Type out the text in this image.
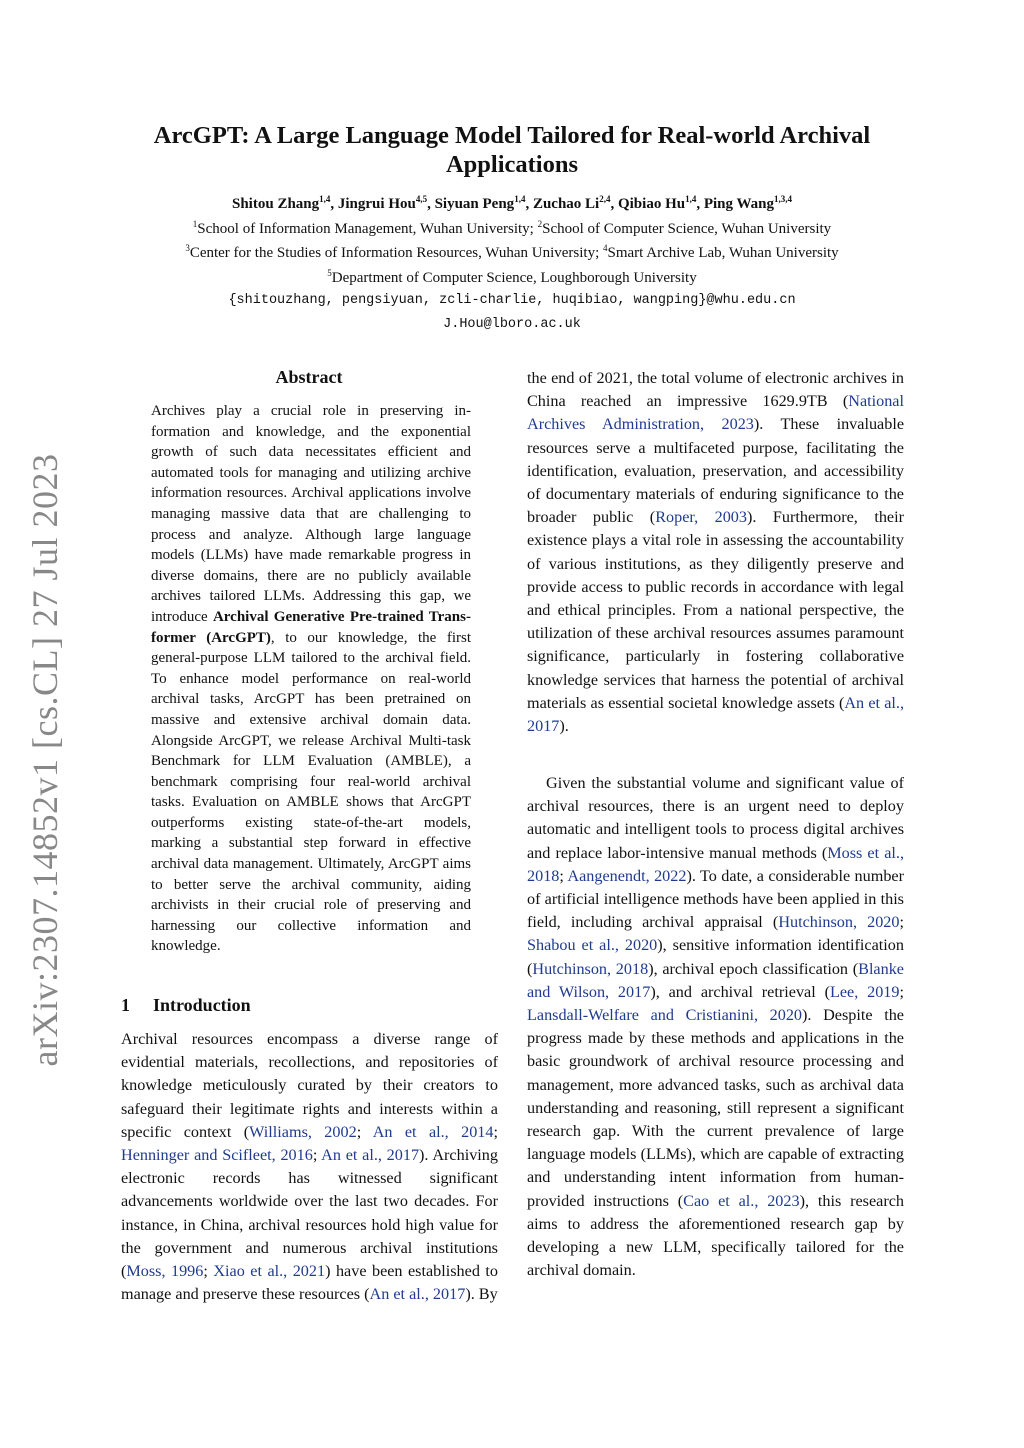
arXiv:2307.14852v1 [cs.CL] 27 Jul 2023
ArcGPT: A Large Language Model Tailored for Real-world Archival
Applications
Shitou Zhang$^{1,4}$, Jingrui Hou$^{4,5}$, Siyuan Peng$^{1,4}$, Zuchao Li$^{2,4}$, Qibiao Hu$^{1,4}$, Ping Wang$^{1,3,4}$
$^1$School of Information Management, Wuhan University; $^2$School of Computer Science, Wuhan University
$^3$Center for the Studies of Information Resources, Wuhan University; $^4$Smart Archive Lab, Wuhan University
$^5$Department of Computer Science, Loughborough University
{shitouzhang, pengsiyuan, zcli-charlie, huqibiao, wangping}@whu.edu.cn
J.Hou@lboro.ac.uk
Abstract

Archives play a crucial role in preserving information and knowledge, and the exponential growth of such data necessitates efficient and automated tools for managing and utilizing archive information resources. Archival applications involve managing massive data that are challenging to process and analyze. Although large language models (LLMs) have made remarkable progress in diverse domains, there are no publicly available archives tailored LLMs. Addressing this gap, we introduce Archival Generative Pre-trained Transformer (ArcGPT), to our knowledge, the first general-purpose LLM tailored to the archival field. To enhance model performance on real-world archival tasks, ArcGPT has been pretrained on massive and extensive archival domain data. Alongside ArcGPT, we release Archival Multi-task Benchmark for LLM Evaluation (AMBLE), a benchmark comprising four real-world archival tasks. Evaluation on AMBLE shows that ArcGPT outperforms existing state-of-the-art models, marking a substantial step forward in effective archival data management. Ultimately, ArcGPT aims to better serve the archival community, aiding archivists in their crucial role of preserving and harnessing our collective information and knowledge.

1 Introduction

Archival resources encompass a diverse range of evidential materials, recollections, and repositories of knowledge meticulously curated by their creators to safeguard their legitimate rights and interests within a specific context (Williams, 2002; An et al., 2014; Henninger and Scifleet, 2016; An et al., 2017). Archiving electronic records has witnessed significant advancements worldwide over the last two decades. For instance, in China, archival resources hold high value for the government and numerous archival institutions (Moss, 1996; Xiao et al., 2021) have been established to manage and preserve these resources (An et al., 2017). By

the end of 2021, the total volume of electronic archives in China reached an impressive 1629.9TB (National Archives Administration, 2023). These invaluable resources serve a multifaceted purpose, facilitating the identification, evaluation, preservation, and accessibility of documentary materials of enduring significance to the broader public (Roper, 2003). Furthermore, their existence plays a vital role in assessing the accountability of various institutions, as they diligently preserve and provide access to public records in accordance with legal and ethical principles. From a national perspective, the utilization of these archival resources assumes paramount significance, particularly in fostering collaborative knowledge services that harness the potential of archival materials as essential societal knowledge assets (An et al., 2017).

Given the substantial volume and significant value of archival resources, there is an urgent need to deploy automatic and intelligent tools to process digital archives and replace labor-intensive manual methods (Moss et al., 2018; Aangenendt, 2022). To date, a considerable number of artificial intelligence methods have been applied in this field, including archival appraisal (Hutchinson, 2020; Shabou et al., 2020), sensitive information identification (Hutchinson, 2018), archival epoch classification (Blanke and Wilson, 2017), and archival retrieval (Lee, 2019; Lansdall-Welfare and Cristianini, 2020). Despite the progress made by these methods and applications in the basic groundwork of archival resource processing and management, more advanced tasks, such as archival data understanding and reasoning, still represent a significant research gap. With the current prevalence of large language models (LLMs), which are capable of extracting and understanding intent information from human-provided instructions (Cao et al., 2023), this research aims to address the aforementioned research gap by developing a new LLM, specifically tailored for the archival domain.
